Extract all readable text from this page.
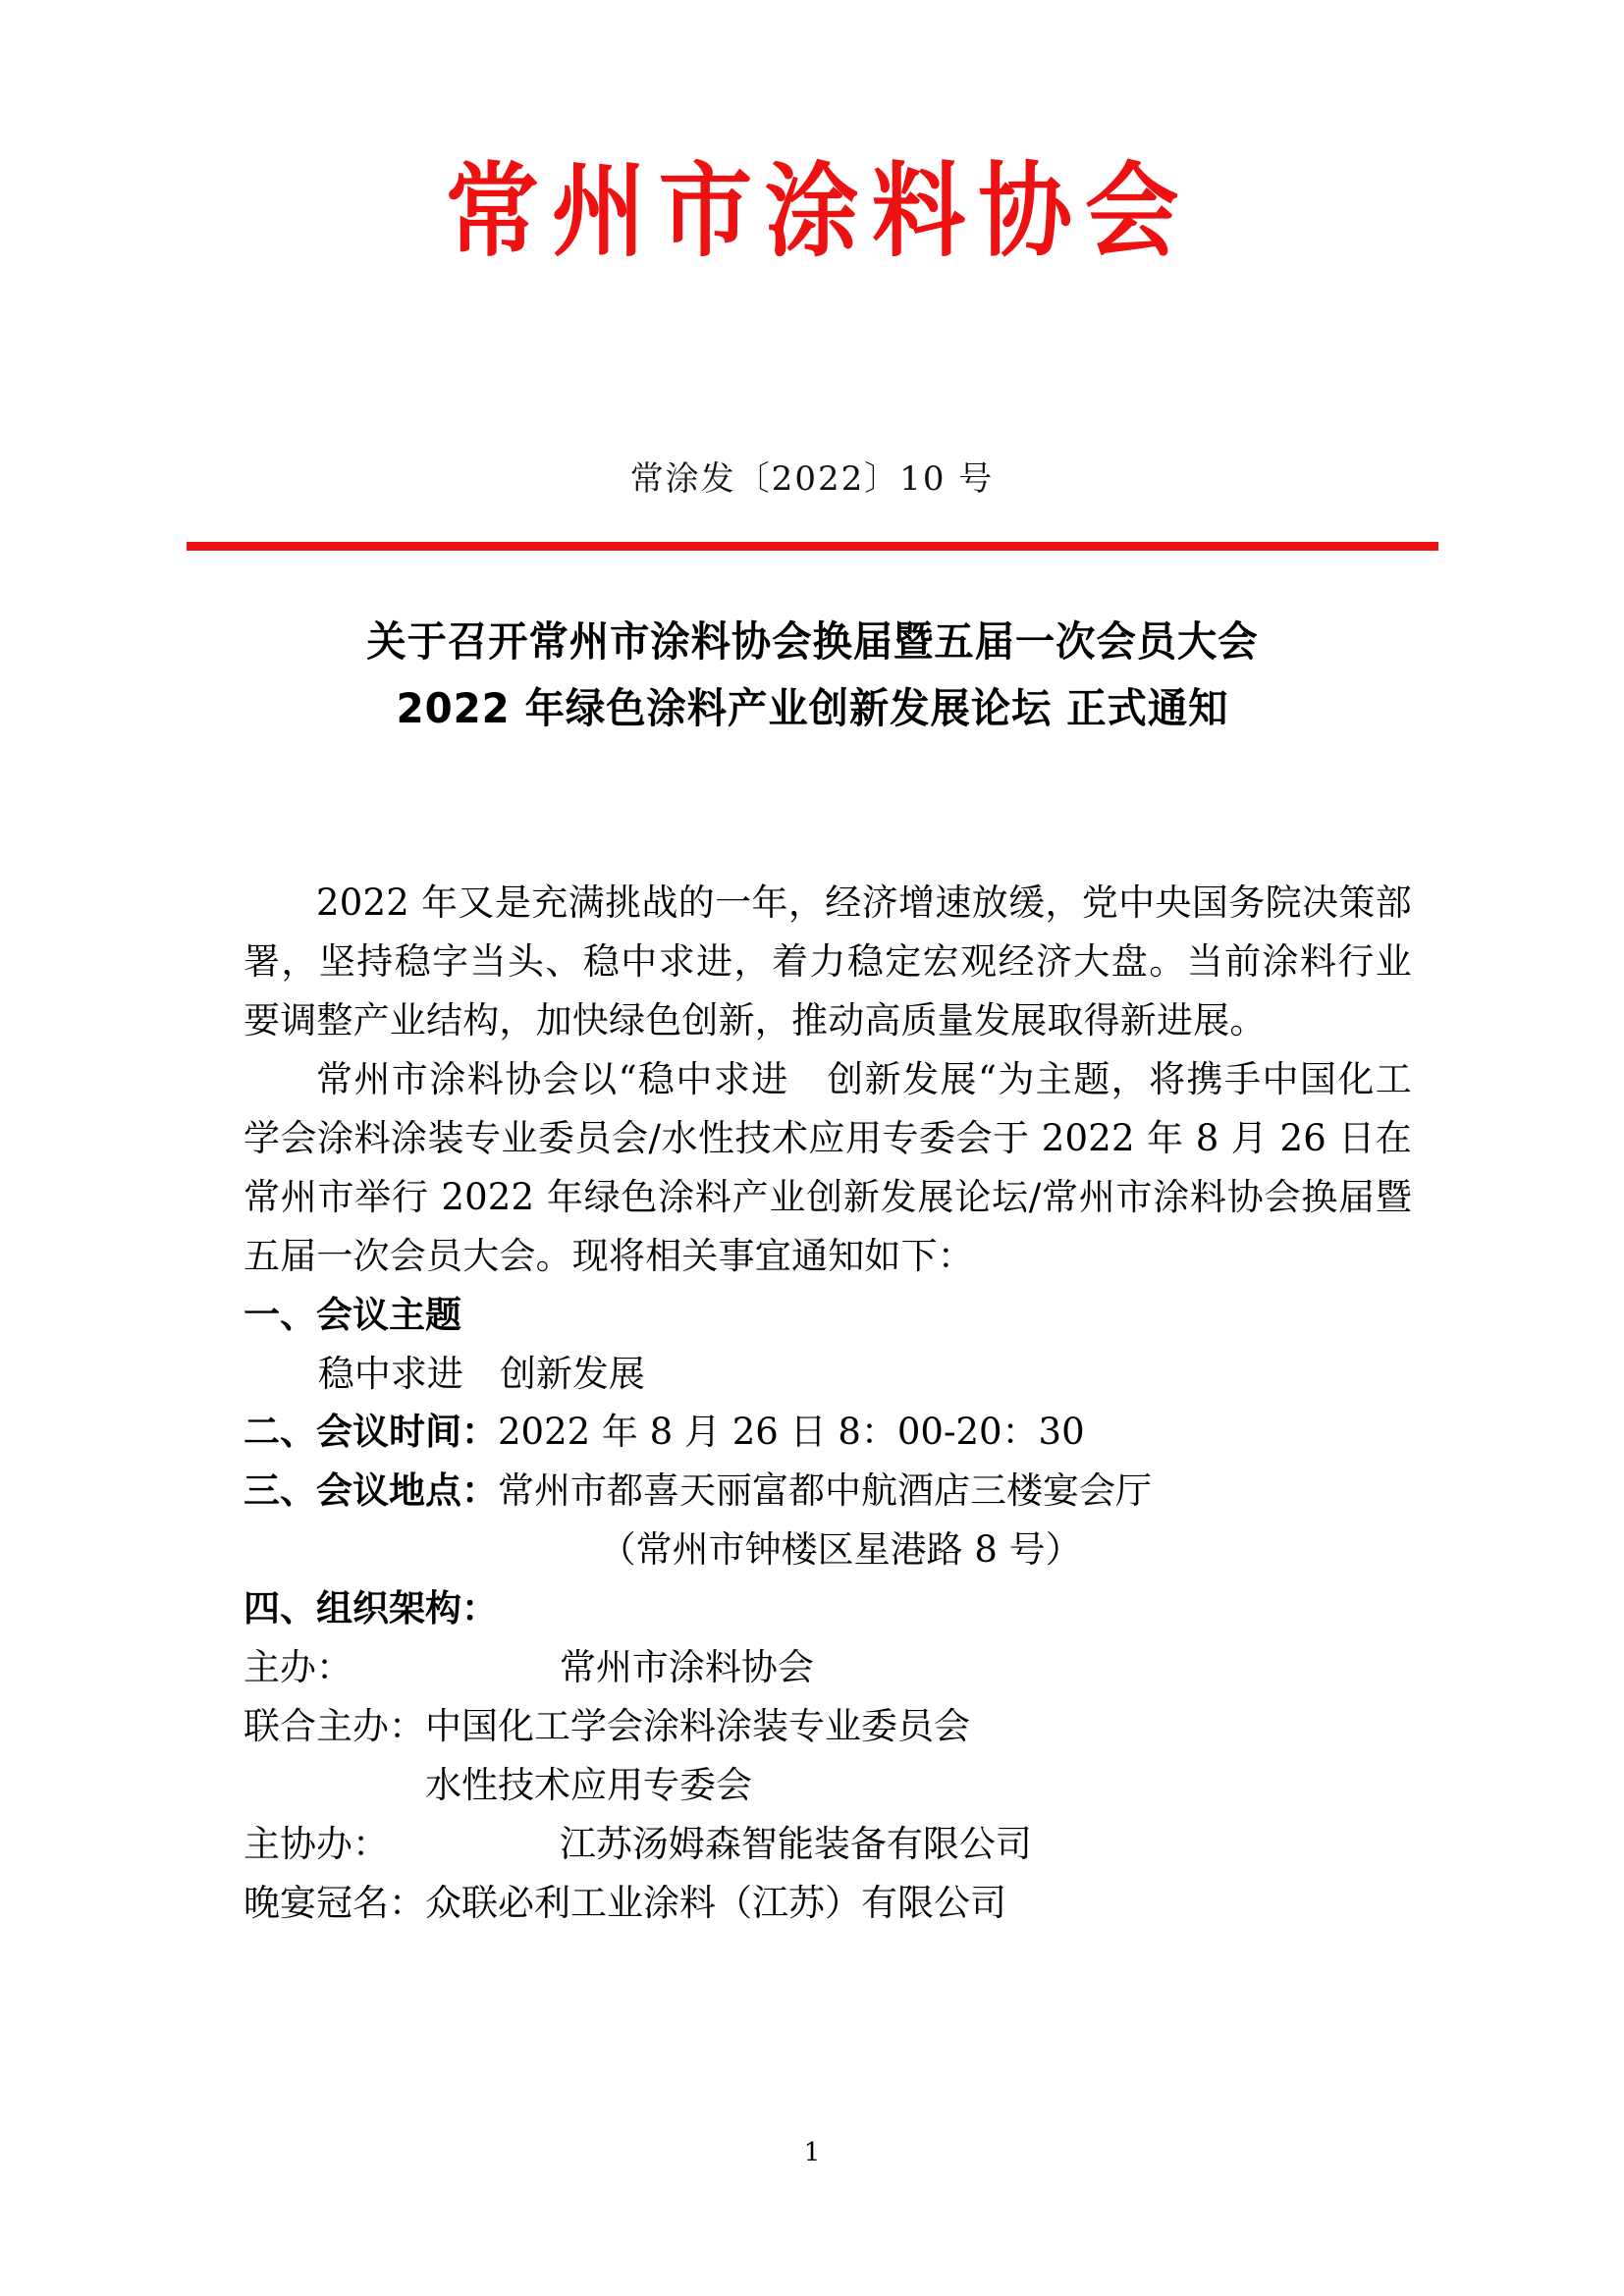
常州市涂料协会
常涂发〔2022〕10 号
关于召开常州市涂料协会换届暨五届一次会员大会
2022 年绿色涂料产业创新发展论坛 正式通知

2022 年又是充满挑战的一年，经济增速放缓，党中央国务院决策部署，坚持稳字当头、稳中求进，着力稳定宏观经济大盘。当前涂料行业要调整产业结构，加快绿色创新，推动高质量发展取得新进展。

常州市涂料协会以“稳中求进　创新发展“为主题，将携手中国化工学会涂料涂装专业委员会/水性技术应用专委会于 2022 年 8 月 26 日在常州市举行 2022 年绿色涂料产业创新发展论坛/常州市涂料协会换届暨五届一次会员大会。现将相关事宜通知如下：

一、会议主题

稳中求进　创新发展

二、会议时间：2022 年 8 月 26 日 8：00-20：30

三、会议地点：常州市都喜天丽富都中航酒店三楼宴会厅

（常州市钟楼区星港路 8 号）

四、组织架构：

主办：	常州市涂料协会
联合主办：	中国化工学会涂料涂装专业委员会
	水性技术应用专委会
主协办：	江苏汤姆森智能装备有限公司
晚宴冠名：	众联必利工业涂料（江苏）有限公司
1
